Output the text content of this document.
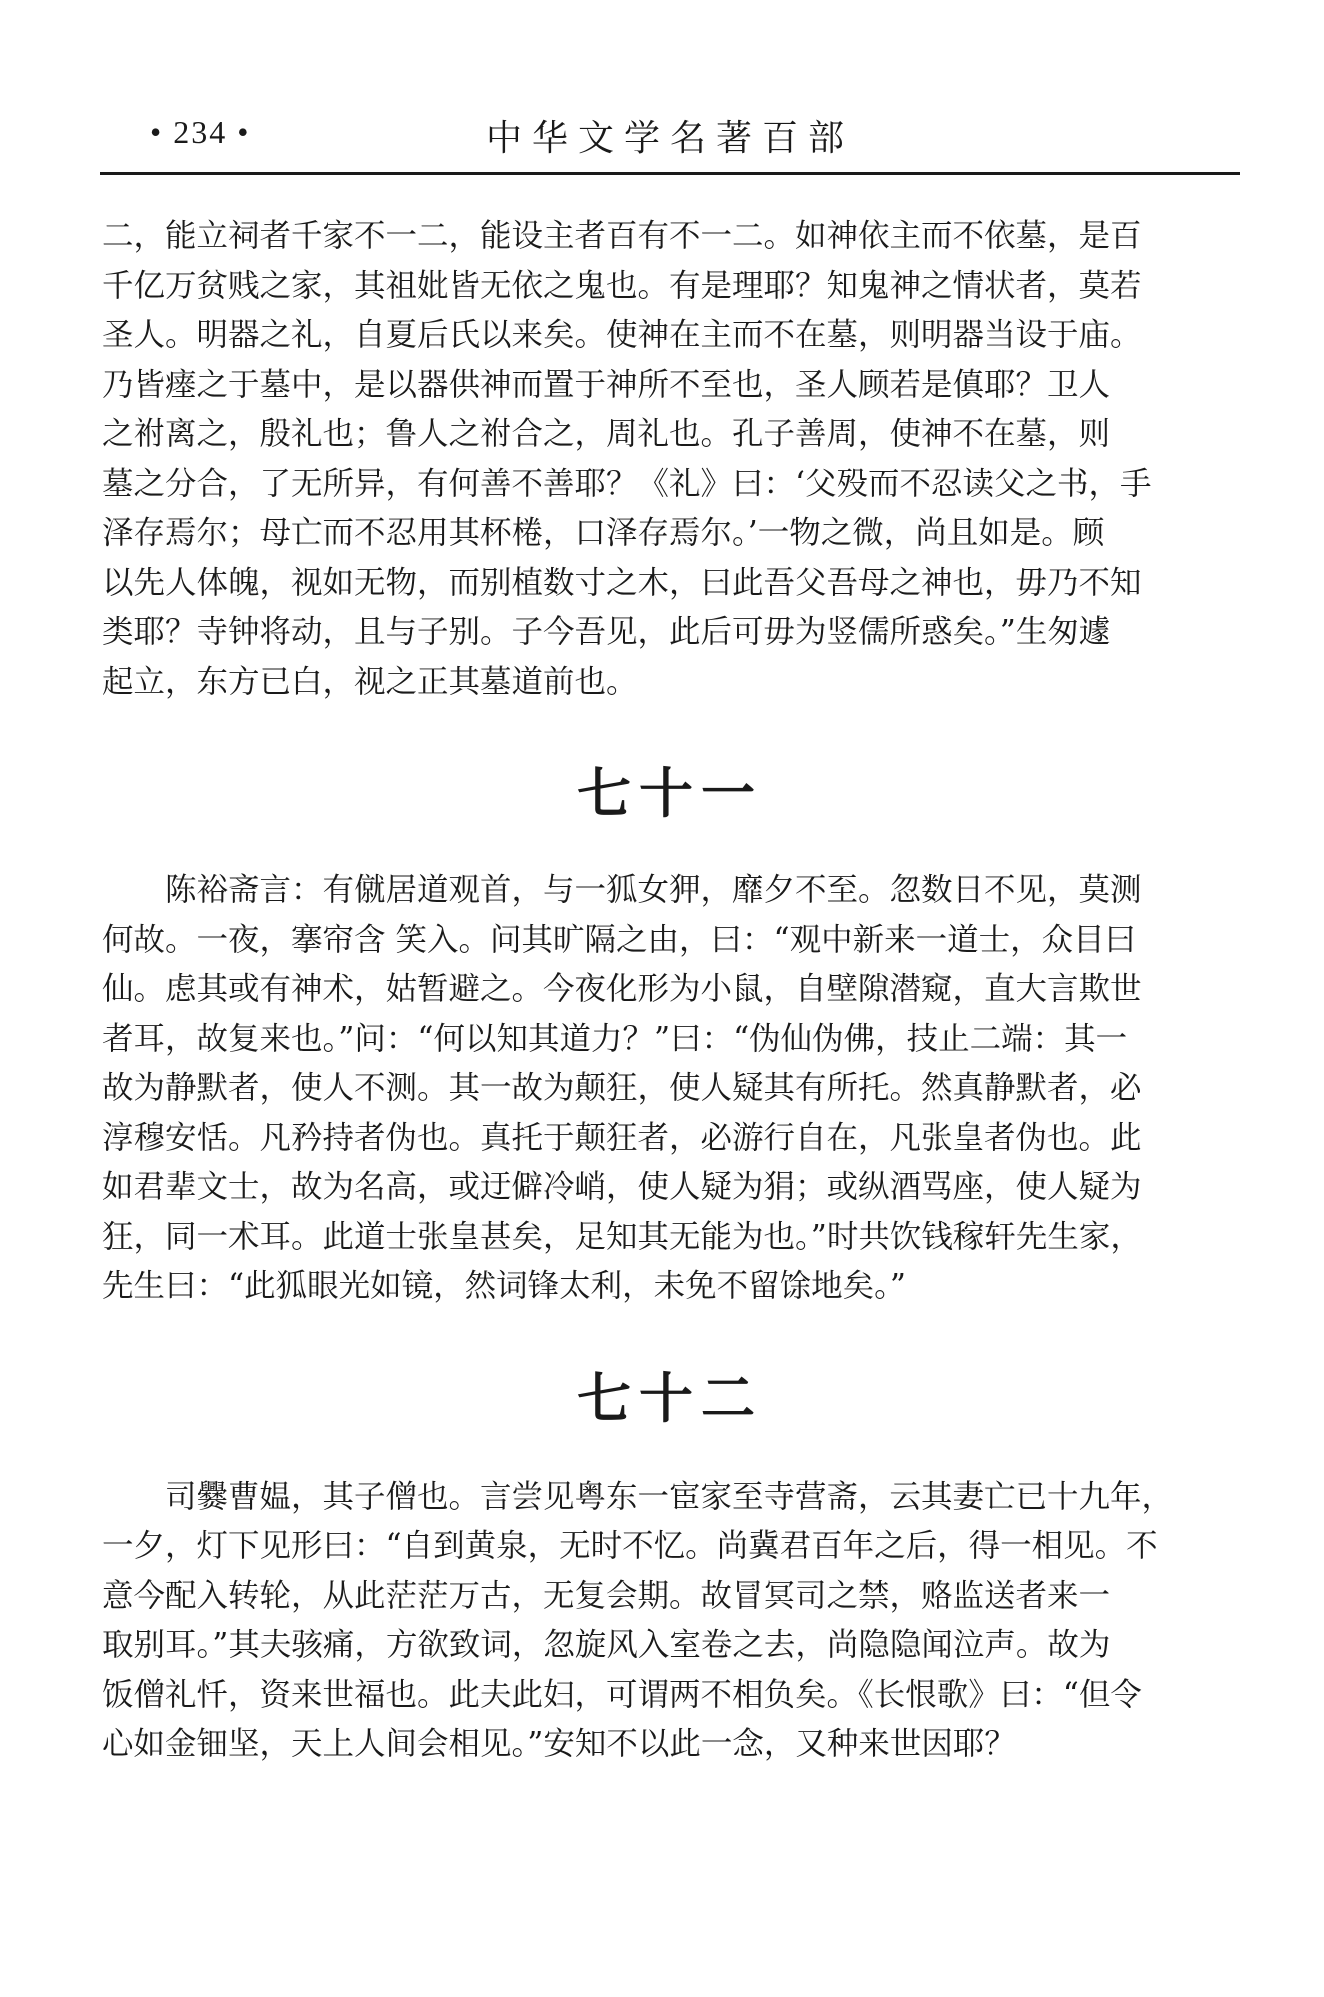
• 234 •	中华文学名著百部

二，能立祠者千家不一二，能设主者百有不一二。如神依主而不依墓，是百
千亿万贫贱之家，其祖妣皆无依之鬼也。有是理耶？知鬼神之情状者，莫若
圣人。明器之礼，自夏后氏以来矣。使神在主而不在墓，则明器当设于庙。
乃皆瘗之于墓中，是以器供神而置于神所不至也，圣人顾若是傎耶？卫人
之祔离之，殷礼也；鲁人之祔合之，周礼也。孔子善周，使神不在墓，则
墓之分合，了无所异，有何善不善耶？《礼》曰：‘父殁而不忍读父之书，手
泽存焉尔；母亡而不忍用其杯棬，口泽存焉尔。’一物之微，尚且如是。顾
以先人体魄，视如无物，而别植数寸之木，曰此吾父吾母之神也，毋乃不知
类耶？寺钟将动，且与子别。子今吾见，此后可毋为竖儒所惑矣。”生匆遽
起立，东方已白，视之正其墓道前也。

七十一

陈裕斋言：有僦居道观首，与一狐女狎，靡夕不至。忽数日不见，莫测
何故。一夜，搴帘含 笑入。问其旷隔之由，曰：“观中新来一道士，众目曰
仙。虑其或有神术，姑暂避之。今夜化形为小鼠，自壁隙潜窥，直大言欺世
者耳，故复来也。”问：“何以知其道力？”曰：“伪仙伪佛，技止二端：其一
故为静默者，使人不测。其一故为颠狂，使人疑其有所托。然真静默者，必
淳穆安恬。凡矜持者伪也。真托于颠狂者，必游行自在，凡张皇者伪也。此
如君辈文士，故为名高，或迂僻冷峭，使人疑为狷；或纵酒骂座，使人疑为
狂，同一术耳。此道士张皇甚矣，足知其无能为也。”时共饮钱稼轩先生家，
先生曰：“此狐眼光如镜，然词锋太利，未免不留馀地矣。”

七十二

司爨曹媪，其子僧也。言尝见粤东一宦家至寺营斋，云其妻亡已十九年，
一夕，灯下见形曰：“自到黄泉，无时不忆。尚冀君百年之后，得一相见。不
意今配入转轮，从此茫茫万古，无复会期。故冒冥司之禁，赂监送者来一
取别耳。”其夫骇痛，方欲致词，忽旋风入室卷之去，尚隐隐闻泣声。故为
饭僧礼忏，资来世福也。此夫此妇，可谓两不相负矣。《长恨歌》曰：“但令
心如金钿坚，天上人间会相见。”安知不以此一念，又种来世因耶？
